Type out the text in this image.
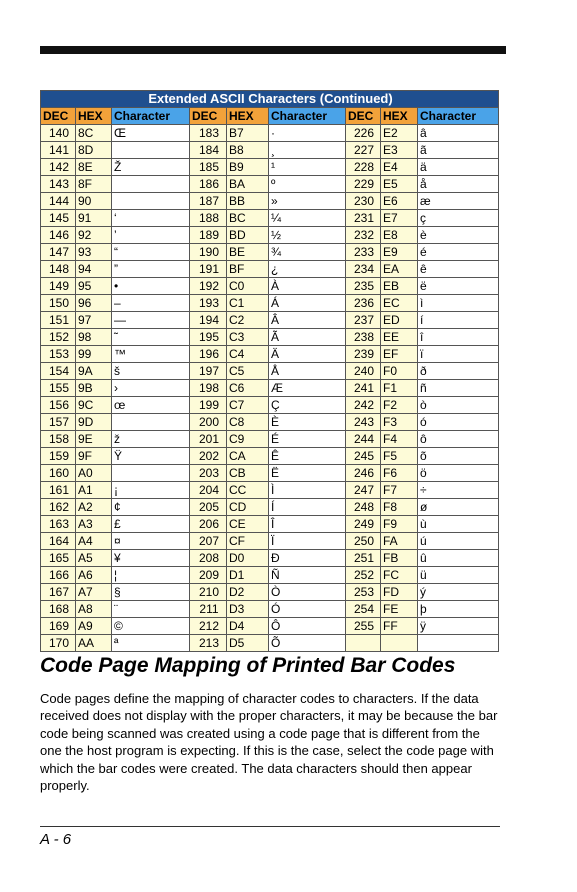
Extended ASCII Characters (Continued)								
DEC	HEX	Character	DEC	HEX	Character	DEC	HEX	Character
140	8C	Œ	183	B7	·	226	E2	â
141	8D		184	B8	¸	227	E3	ã
142	8E	Ž	185	B9	¹	228	E4	ä
143	8F		186	BA	º	229	E5	å
144	90		187	BB	»	230	E6	æ
145	91	‘	188	BC	¼	231	E7	ç
146	92	’	189	BD	½	232	E8	è
147	93	“	190	BE	¾	233	E9	é
148	94	”	191	BF	¿	234	EA	ê
149	95	•	192	C0	À	235	EB	ë
150	96	–	193	C1	Á	236	EC	ì
151	97	—	194	C2	Â	237	ED	í
152	98	˜	195	C3	Ã	238	EE	î
153	99	™	196	C4	Ä	239	EF	ï
154	9A	š	197	C5	Å	240	F0	ð
155	9B	›	198	C6	Æ	241	F1	ñ
156	9C	œ	199	C7	Ç	242	F2	ò
157	9D		200	C8	È	243	F3	ó
158	9E	ž	201	C9	É	244	F4	ô
159	9F	Ÿ	202	CA	Ê	245	F5	õ
160	A0		203	CB	Ë	246	F6	ö
161	A1	¡	204	CC	Ì	247	F7	÷
162	A2	¢	205	CD	Í	248	F8	ø
163	A3	£	206	CE	Î	249	F9	ù
164	A4	¤	207	CF	Ï	250	FA	ú
165	A5	¥	208	D0	Đ	251	FB	û
166	A6	¦	209	D1	Ñ	252	FC	ü
167	A7	§	210	D2	Ò	253	FD	ý
168	A8	¨	211	D3	Ó	254	FE	þ
169	A9	©	212	D4	Ô	255	FF	ÿ
170	AA	ª	213	D5	Õ			
Code Page Mapping of Printed Bar Codes

Code pages define the mapping of character codes to characters. If the data received does not display with the proper characters, it may be because the bar code being scanned was created using a code page that is different from the one the host program is expecting. If this is the case, select the code page with which the bar codes were created. The data characters should then appear properly.

A - 6
